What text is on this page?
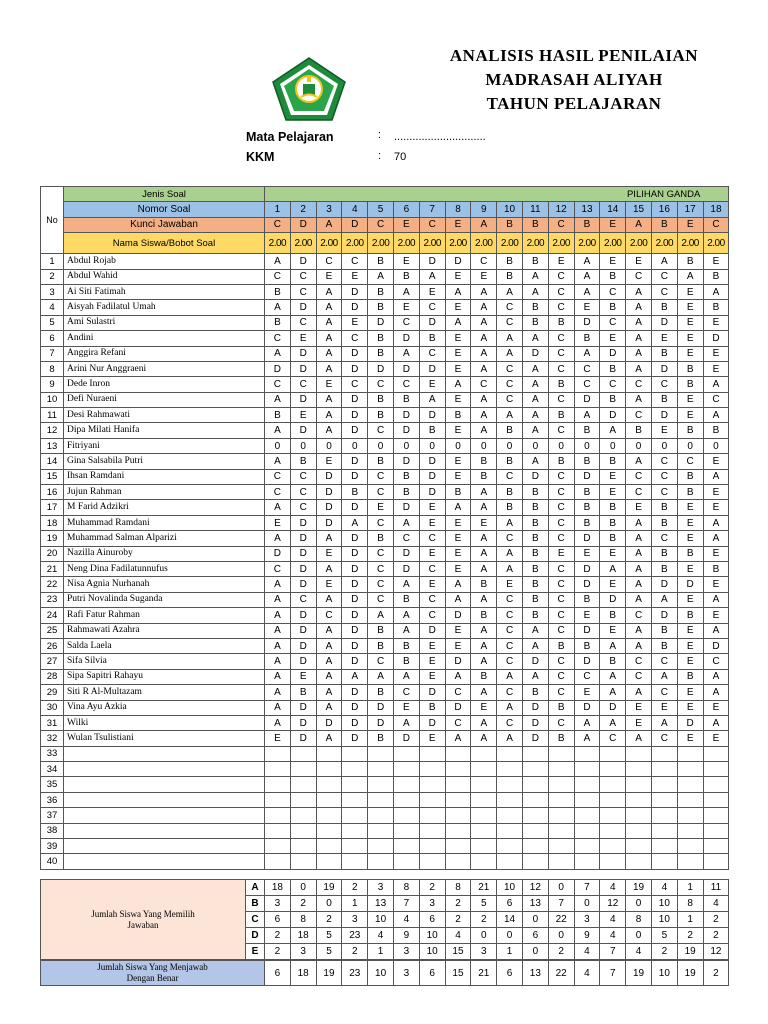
ANALISIS HASIL PENILAIAN
MADRASAH ALIYAH
TAHUN PELAJARAN
Mata Pelajaran	: ..............................
KKM	: 70
No	Jenis Soal	PILIHAN GANDA																	
	Nomor Soal	1	2	3	4	5	6	7	8	9	10	11	12	13	14	15	16	17	18
	Kunci Jawaban	C	D	A	D	C	E	C	E	A	B	B	C	B	E	A	B	E	C
	Nama Siswa/Bobot Soal	2.00	2.00	2.00	2.00	2.00	2.00	2.00	2.00	2.00	2.00	2.00	2.00	2.00	2.00	2.00	2.00	2.00	2.00
1	Abdul Rojab	A	D	C	C	B	E	D	D	C	B	B	E	A	E	E	A	B	E
2	Abdul Wahid	C	C	E	E	A	B	A	E	E	B	A	C	A	B	C	C	A	B
3	Ai Siti Fatimah	B	C	A	D	B	A	E	A	A	A	A	C	A	C	A	C	E	A
4	Aisyah Fadilatul Umah	A	D	A	D	B	E	C	E	A	C	B	C	E	B	A	B	E	B
5	Ami Sulastri	B	C	A	E	D	C	D	A	A	C	B	B	D	C	A	D	E	E
6	Andini	C	E	A	C	B	D	B	E	A	A	A	C	B	E	A	E	E	D
7	Anggira Refani	A	D	A	D	B	A	C	E	A	A	D	C	A	D	A	B	E	E
8	Arini Nur Anggraeni	D	D	A	D	D	D	D	E	A	C	A	C	C	B	A	D	B	E
9	Dede Inron	C	C	E	C	C	C	E	A	C	C	A	B	C	C	C	C	B	A
10	Defi Nuraeni	A	D	A	D	B	B	A	E	A	C	A	C	D	B	A	B	E	C
11	Desi Rahmawati	B	E	A	D	B	D	D	B	A	A	A	B	A	D	C	D	E	A
12	Dipa Milati Hanifa	A	D	A	D	C	D	B	E	A	B	A	C	B	A	B	E	B	B
13	Fitriyani	0	0	0	0	0	0	0	0	0	0	0	0	0	0	0	0	0	0
14	Gina Salsabila Putri	A	B	E	D	B	D	D	E	B	B	A	B	B	B	A	C	C	E
15	Ihsan Ramdani	C	C	D	D	C	B	D	E	B	C	D	C	D	E	C	C	B	A
16	Jujun Rahman	C	C	D	B	C	B	D	B	A	B	B	C	B	E	C	C	B	E
17	M Farid Adzikri	A	C	D	D	E	D	E	A	A	B	B	C	B	B	E	B	E	E
18	Muhammad Ramdani	E	D	D	A	C	A	E	E	E	A	B	C	B	B	A	B	E	A
19	Muhammad Salman Alparizi	A	D	A	D	B	C	C	E	A	C	B	C	D	B	A	C	E	A
20	Nazilla Ainuroby	D	D	E	D	C	D	E	E	A	A	B	E	E	E	A	B	B	E
21	Neng Dina Fadilatunnufus	C	D	A	D	C	D	C	E	A	A	B	C	D	A	A	B	E	B
22	Nisa Agnia Nurhanah	A	D	E	D	C	A	E	A	B	E	B	C	D	E	A	D	D	E
23	Putri Novalinda Suganda	A	C	A	D	C	B	C	A	A	C	B	C	B	D	A	A	E	A
24	Rafi Fatur Rahman	A	D	C	D	A	A	C	D	B	C	B	C	E	B	C	D	B	E
25	Rahmawati Azahra	A	D	A	D	B	A	D	E	A	C	A	C	D	E	A	B	E	A
26	Salda Laela	A	D	A	D	B	B	E	E	A	C	A	B	B	A	A	B	E	D
27	Sifa Silvia	A	D	A	D	C	B	E	D	A	C	D	C	D	B	C	C	E	C
28	Sipa Sapitri Rahayu	A	E	A	A	A	A	E	A	B	A	A	C	C	A	C	A	B	A
29	Siti R Al-Multazam	A	B	A	D	B	C	D	C	A	C	B	C	E	A	A	C	E	A
30	Vina Ayu Azkia	A	D	A	D	D	E	B	D	E	A	D	B	D	D	E	E	E	E
31	Wilki	A	D	D	D	D	A	D	C	A	C	D	C	A	A	E	A	D	A
32	Wulan Tsulistiani	E	D	A	D	B	D	E	A	A	A	D	B	A	C	A	C	E	E
33																			
34																			
35																			
36																			
37																			
38																			
39																			
40																			
Jumlah Siswa Yang Memilih Jawaban	A	18	0	19	2	3	8	2	8	21	10	12	0	7	4	19	4	1	11
	B	3	2	0	1	13	7	3	2	5	6	13	7	0	12	0	10	8	4
	C	6	8	2	3	10	4	6	2	2	14	0	22	3	4	8	10	1	2
	D	2	18	5	23	4	9	10	4	0	0	6	0	9	4	0	5	2	2
	E	2	3	5	2	1	3	10	15	3	1	0	2	4	7	4	2	19	12
Jumlah Siswa Yang Menjawab Dengan Benar	6	18	19	23	10	3	6	15	21	6	13	22	4	7	19	10	19	2
